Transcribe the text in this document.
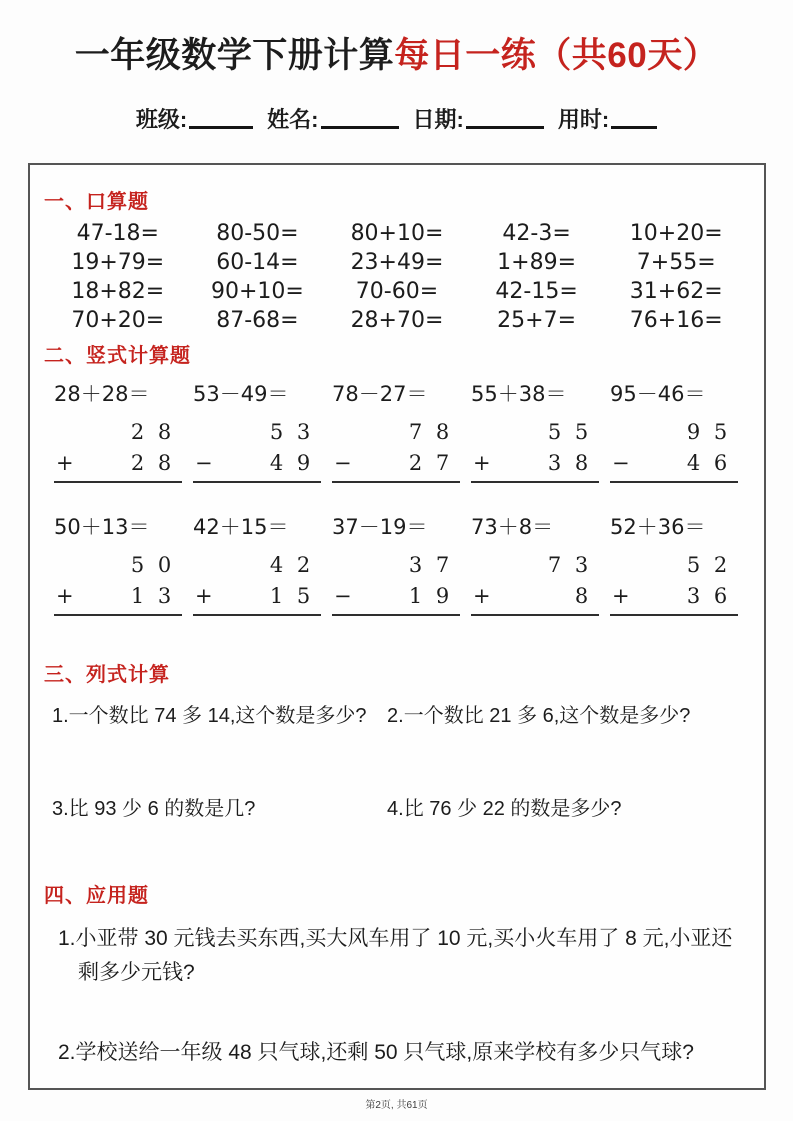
一年级数学下册计算每日一练（共60天）
班级:	姓名:	日期:	用时:
一、口算题
47-18=	80-50=	80+10=	42-3=	10+20=
19+79=	60-14=	23+49=	1+89=	7+55=
18+82=	90+10=	70-60=	42-15=	31+62=
70+20=	87-68=	28+70=	25+7=	76+16=
二、竖式计算题
28＋28＝
2 8
+	2 8
53－49＝
5 3
−	4 9
78－27＝
7 8
−	2 7
55＋38＝
5 5
+	3 8
95－46＝
9 5
−	4 6
50＋13＝
5 0
+	1 3
42＋15＝
4 2
+	1 5
37－19＝
3 7
−	1 9
73＋8＝
7 3
+	8
52＋36＝
5 2
+	3 6
三、列式计算
1.一个数比 74 多 14,这个数是多少?	2.一个数比 21 多 6,这个数是多少?
3.比 93 少 6 的数是几?	4.比 76 少 22 的数是多少?
四、应用题

1.小亚带 30 元钱去买东西,买大风车用了 10 元,买小火车用了 8 元,小亚还剩多少元钱?

2.学校送给一年级 48 只气球,还剩 50 只气球,原来学校有多少只气球?

第2页, 共61页
